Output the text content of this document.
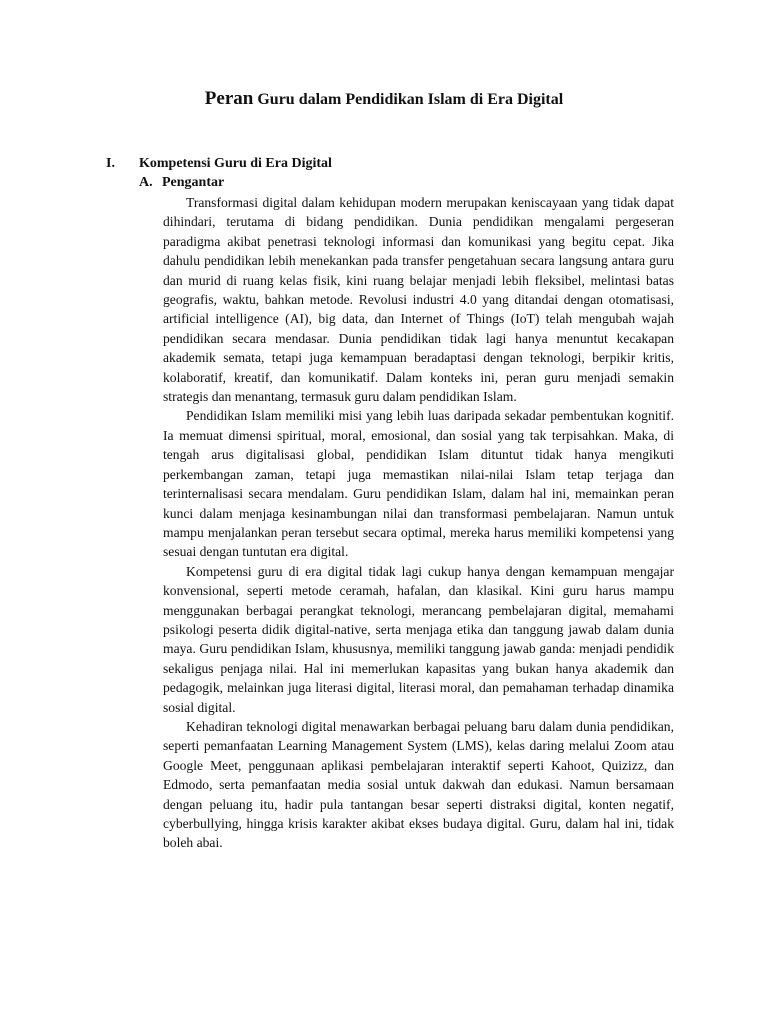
Peran Guru dalam Pendidikan Islam di Era Digital
I. Kompetensi Guru di Era Digital
A. Pengantar

Transformasi digital dalam kehidupan modern merupakan keniscayaan yang tidak dapat dihindari, terutama di bidang pendidikan. Dunia pendidikan mengalami pergeseran paradigma akibat penetrasi teknologi informasi dan komunikasi yang begitu cepat. Jika dahulu pendidikan lebih menekankan pada transfer pengetahuan secara langsung antara guru dan murid di ruang kelas fisik, kini ruang belajar menjadi lebih fleksibel, melintasi batas geografis, waktu, bahkan metode. Revolusi industri 4.0 yang ditandai dengan otomatisasi, artificial intelligence (AI), big data, dan Internet of Things (IoT) telah mengubah wajah pendidikan secara mendasar. Dunia pendidikan tidak lagi hanya menuntut kecakapan akademik semata, tetapi juga kemampuan beradaptasi dengan teknologi, berpikir kritis, kolaboratif, kreatif, dan komunikatif. Dalam konteks ini, peran guru menjadi semakin strategis dan menantang, termasuk guru dalam pendidikan Islam.

Pendidikan Islam memiliki misi yang lebih luas daripada sekadar pembentukan kognitif. Ia memuat dimensi spiritual, moral, emosional, dan sosial yang tak terpisahkan. Maka, di tengah arus digitalisasi global, pendidikan Islam dituntut tidak hanya mengikuti perkembangan zaman, tetapi juga memastikan nilai-nilai Islam tetap terjaga dan terinternalisasi secara mendalam. Guru pendidikan Islam, dalam hal ini, memainkan peran kunci dalam menjaga kesinambungan nilai dan transformasi pembelajaran. Namun untuk mampu menjalankan peran tersebut secara optimal, mereka harus memiliki kompetensi yang sesuai dengan tuntutan era digital.

Kompetensi guru di era digital tidak lagi cukup hanya dengan kemampuan mengajar konvensional, seperti metode ceramah, hafalan, dan klasikal. Kini guru harus mampu menggunakan berbagai perangkat teknologi, merancang pembelajaran digital, memahami psikologi peserta didik digital-native, serta menjaga etika dan tanggung jawab dalam dunia maya. Guru pendidikan Islam, khususnya, memiliki tanggung jawab ganda: menjadi pendidik sekaligus penjaga nilai. Hal ini memerlukan kapasitas yang bukan hanya akademik dan pedagogik, melainkan juga literasi digital, literasi moral, dan pemahaman terhadap dinamika sosial digital.

Kehadiran teknologi digital menawarkan berbagai peluang baru dalam dunia pendidikan, seperti pemanfaatan Learning Management System (LMS), kelas daring melalui Zoom atau Google Meet, penggunaan aplikasi pembelajaran interaktif seperti Kahoot, Quizizz, dan Edmodo, serta pemanfaatan media sosial untuk dakwah dan edukasi. Namun bersamaan dengan peluang itu, hadir pula tantangan besar seperti distraksi digital, konten negatif, cyberbullying, hingga krisis karakter akibat ekses budaya digital. Guru, dalam hal ini, tidak boleh abai.
